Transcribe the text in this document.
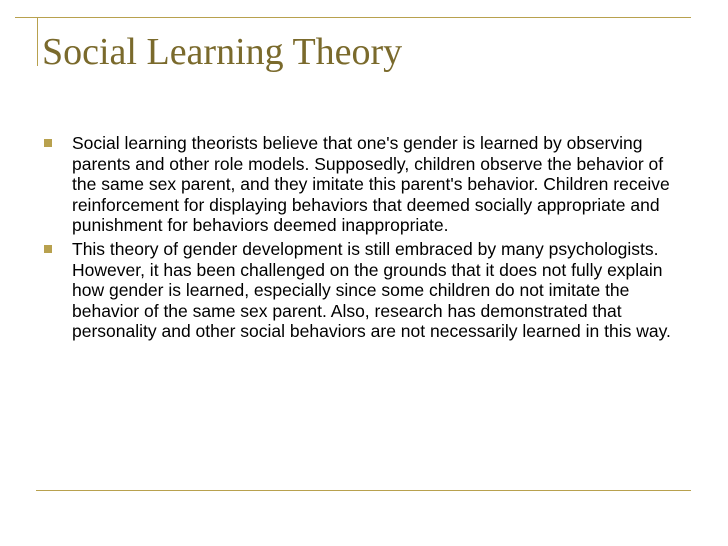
Social Learning Theory
Social learning theorists believe that one's gender is learned by observing parents and other role models. Supposedly, children observe the behavior of the same sex parent, and they imitate this parent's behavior. Children receive reinforcement for displaying behaviors that deemed socially appropriate and punishment for behaviors deemed inappropriate.
This theory of gender development is still embraced by many psychologists. However, it has been challenged on the grounds that it does not fully explain how gender is learned, especially since some children do not imitate the behavior of the same sex parent. Also, research has demonstrated that personality and other social behaviors are not necessarily learned in this way.
